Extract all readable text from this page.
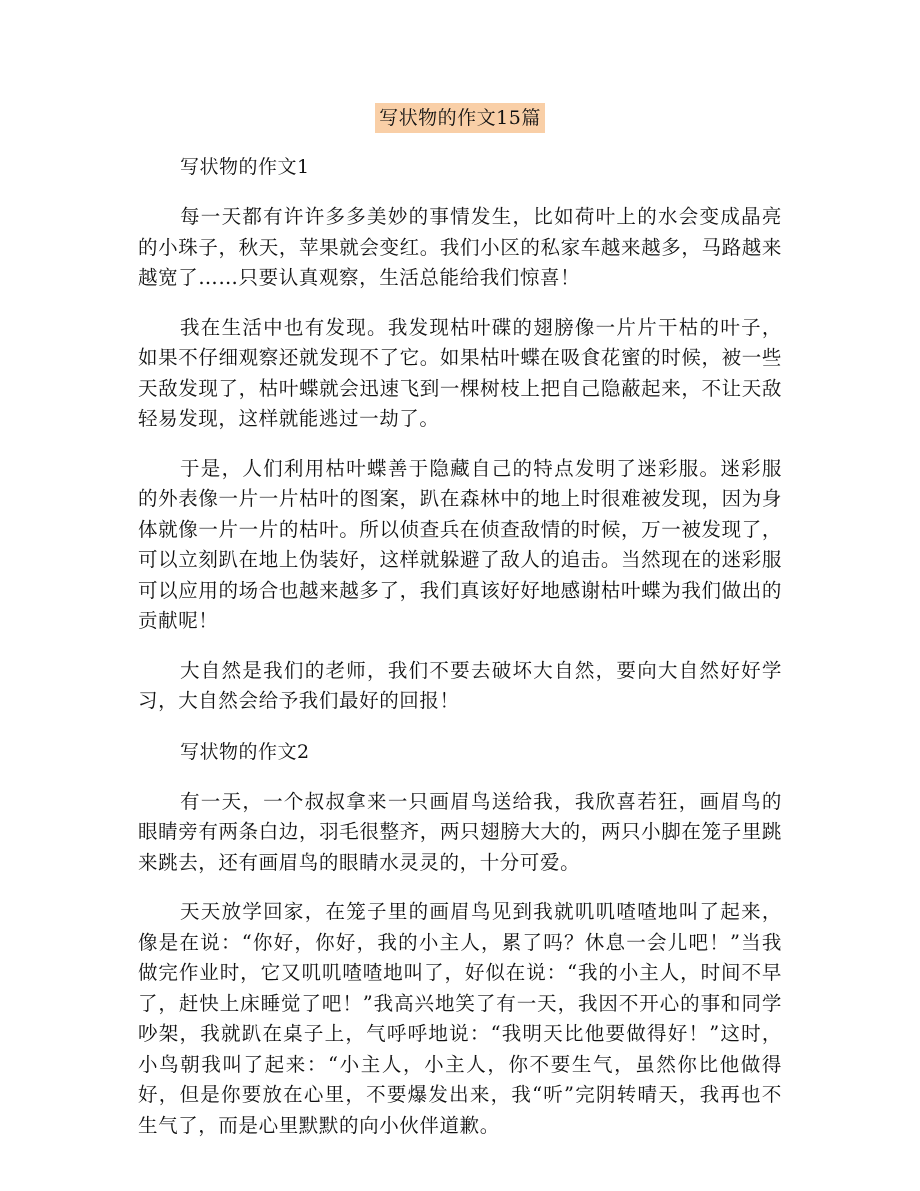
写状物的作文15篇
写状物的作文1

每一天都有许许多多美妙的事情发生，比如荷叶上的水会变成晶亮的小珠子，秋天，苹果就会变红。我们小区的私家车越来越多，马路越来越宽了……只要认真观察，生活总能给我们惊喜！

我在生活中也有发现。我发现枯叶碟的翅膀像一片片干枯的叶子，如果不仔细观察还就发现不了它。如果枯叶蝶在吸食花蜜的时候，被一些天敌发现了，枯叶蝶就会迅速飞到一棵树枝上把自己隐蔽起来，不让天敌轻易发现，这样就能逃过一劫了。

于是，人们利用枯叶蝶善于隐藏自己的特点发明了迷彩服。迷彩服的外表像一片一片枯叶的图案，趴在森林中的地上时很难被发现，因为身体就像一片一片的枯叶。所以侦查兵在侦查敌情的时候，万一被发现了，可以立刻趴在地上伪装好，这样就躲避了敌人的追击。当然现在的迷彩服可以应用的场合也越来越多了，我们真该好好地感谢枯叶蝶为我们做出的贡献呢！

大自然是我们的老师，我们不要去破坏大自然，要向大自然好好学习，大自然会给予我们最好的回报！

写状物的作文2

有一天，一个叔叔拿来一只画眉鸟送给我，我欣喜若狂，画眉鸟的眼睛旁有两条白边，羽毛很整齐，两只翅膀大大的，两只小脚在笼子里跳来跳去，还有画眉鸟的眼睛水灵灵的，十分可爱。

天天放学回家，在笼子里的画眉鸟见到我就叽叽喳喳地叫了起来，像是在说：“你好，你好，我的小主人，累了吗？休息一会儿吧！”当我做完作业时，它又叽叽喳喳地叫了，好似在说：“我的小主人，时间不早了，赶快上床睡觉了吧！”我高兴地笑了有一天，我因不开心的事和同学吵架，我就趴在桌子上，气呼呼地说：“我明天比他要做得好！”这时，小鸟朝我叫了起来：“小主人，小主人，你不要生气，虽然你比他做得好，但是你要放在心里，不要爆发出来，我“听”完阴转晴天，我再也不生气了，而是心里默默的向小伙伴道歉。
